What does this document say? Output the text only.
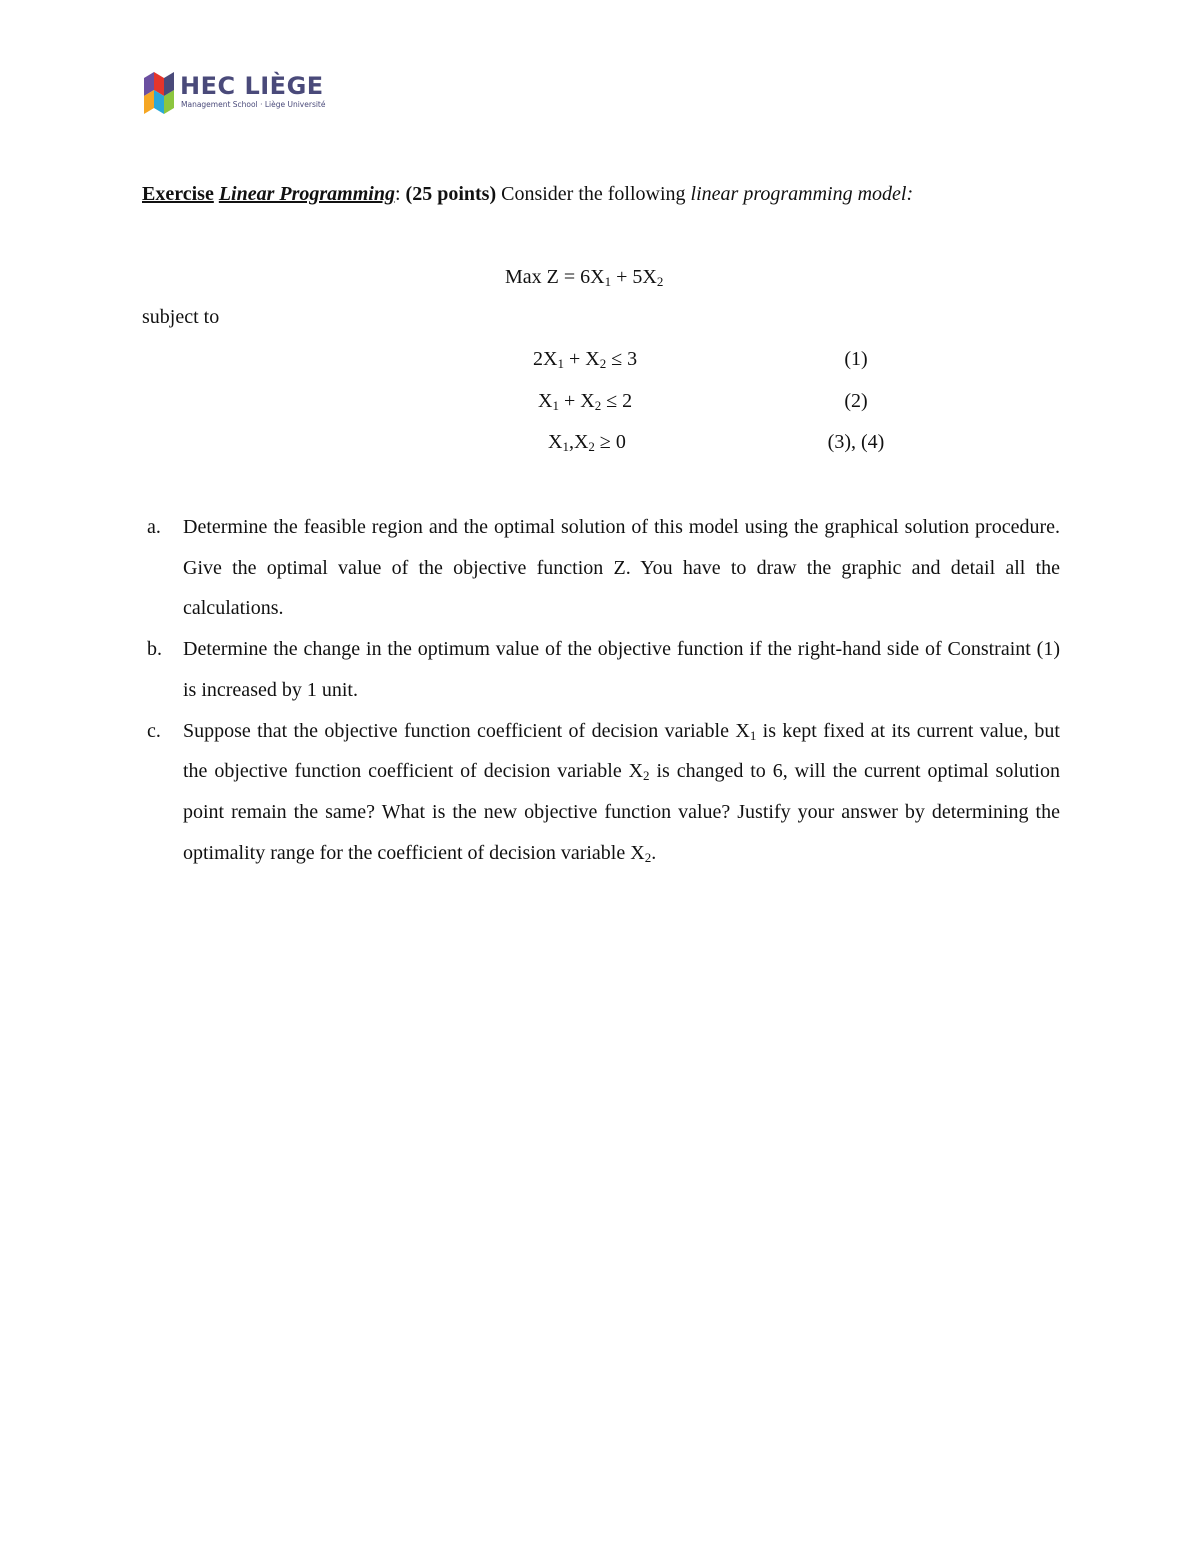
HEC LIÈGE
Management School · Liège Université
Exercise Linear Programming: (25 points) Consider the following linear programming model:
Max $Z = 6X_1 + 5X_2$
subject to
$2X_1 + X_2 \le 3$	(1)
$X_1 + X_2 \le 2$	(2)
$X_1,X_2 \ge 0$	(3), (4)
a. Determine the feasible region and the optimal solution of this model using the graphical solution procedure. Give the optimal value of the objective function Z. You have to draw the graphic and detail all the calculations.
b. Determine the change in the optimum value of the objective function if the right-hand side of Constraint (1) is increased by 1 unit.
c. Suppose that the objective function coefficient of decision variable $X_1$ is kept fixed at its current value, but the objective function coefficient of decision variable $X_2$ is changed to 6, will the current optimal solution point remain the same? What is the new objective function value? Justify your answer by determining the optimality range for the coefficient of decision variable $X_2$.
